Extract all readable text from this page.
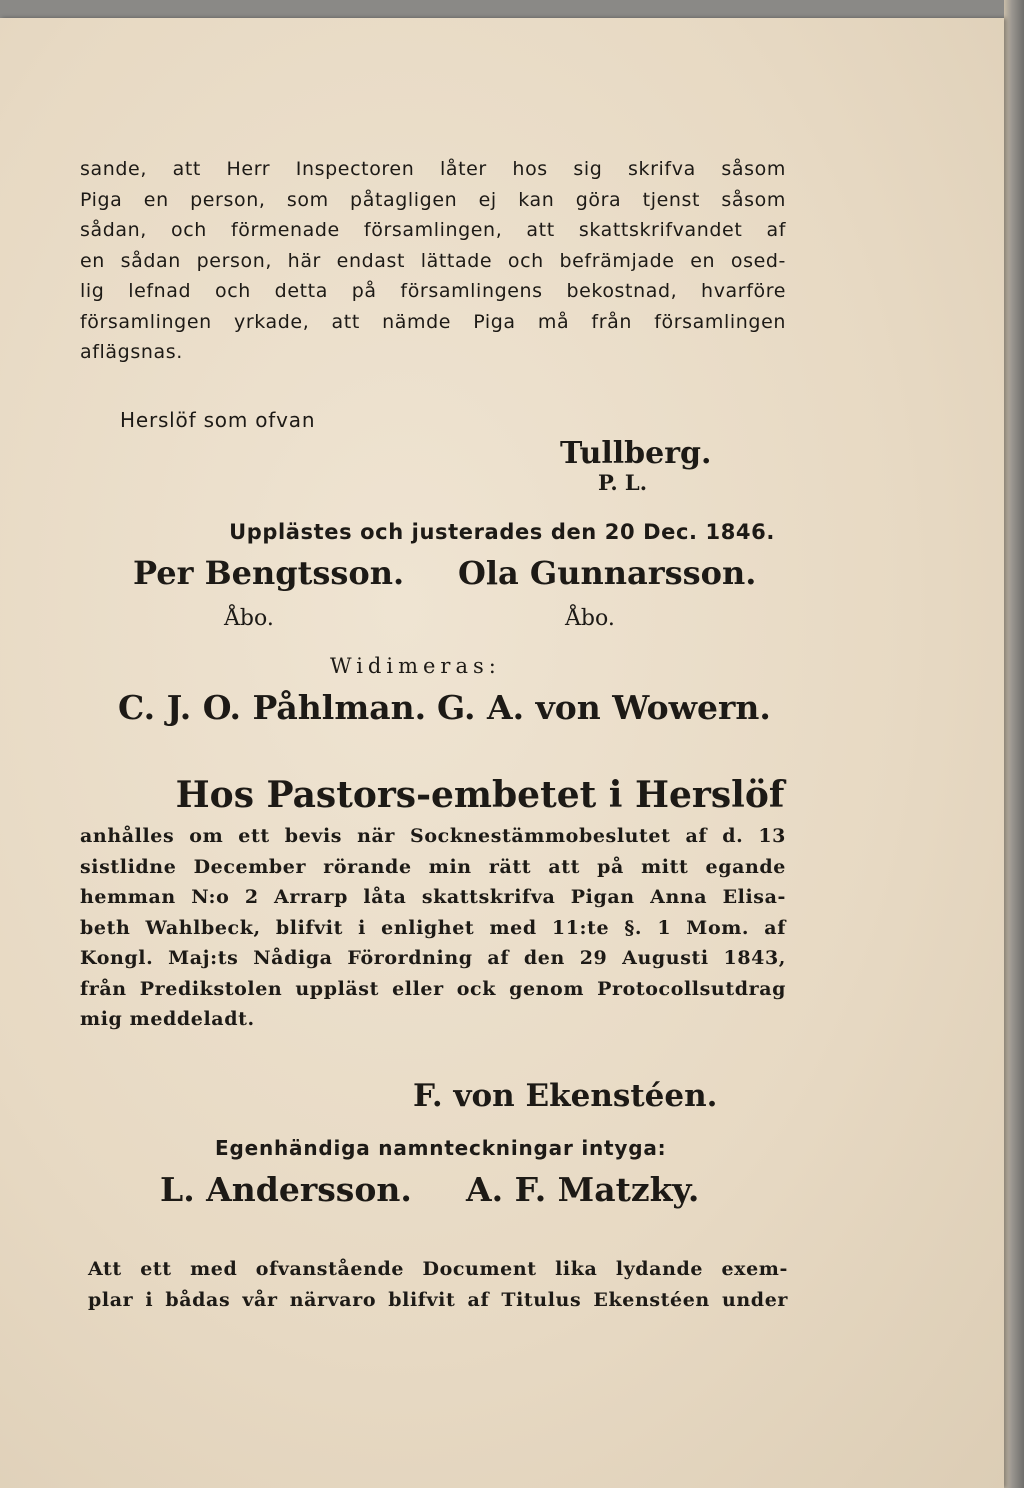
sande, att Herr Inspectoren låter hos sig skrifva såsom
Piga en person, som påtagligen ej kan göra tjenst såsom
sådan, och förmenade församlingen, att skattskrifvandet af
en sådan person, här endast lättade och befrämjade en osed-
lig lefnad och detta på församlingens bekostnad, hvarföre
församlingen yrkade, att nämde Piga må från församlingen
aflägsnas.
Herslöf som ofvan
Tullberg.
P. L.
Upplästes och justerades den 20 Dec. 1846.
Per Bengtsson.
Åbo.
Ola Gunnarsson.
Åbo.
Widimeras:
C. J. O. Påhlman. G. A. von Wowern.
Hos Pastors-embetet i Herslöf
anhålles om ett bevis när Socknestämmobeslutet af d. 13
sistlidne December rörande min rätt att på mitt egande
hemman N:o 2 Arrarp låta skattskrifva Pigan Anna Elisa-
beth Wahlbeck, blifvit i enlighet med 11:te §. 1 Mom. af
Kongl. Maj:ts Nådiga Förordning af den 29 Augusti 1843,
från Predikstolen uppläst eller ock genom Protocollsutdrag
mig meddeladt.
F. von Ekenstéen.
Egenhändiga namnteckningar intyga:
L. Andersson. A. F. Matzky.
Att ett med ofvanstående Document lika lydande exem-
plar i bådas vår närvaro blifvit af Titulus Ekenstéen under
